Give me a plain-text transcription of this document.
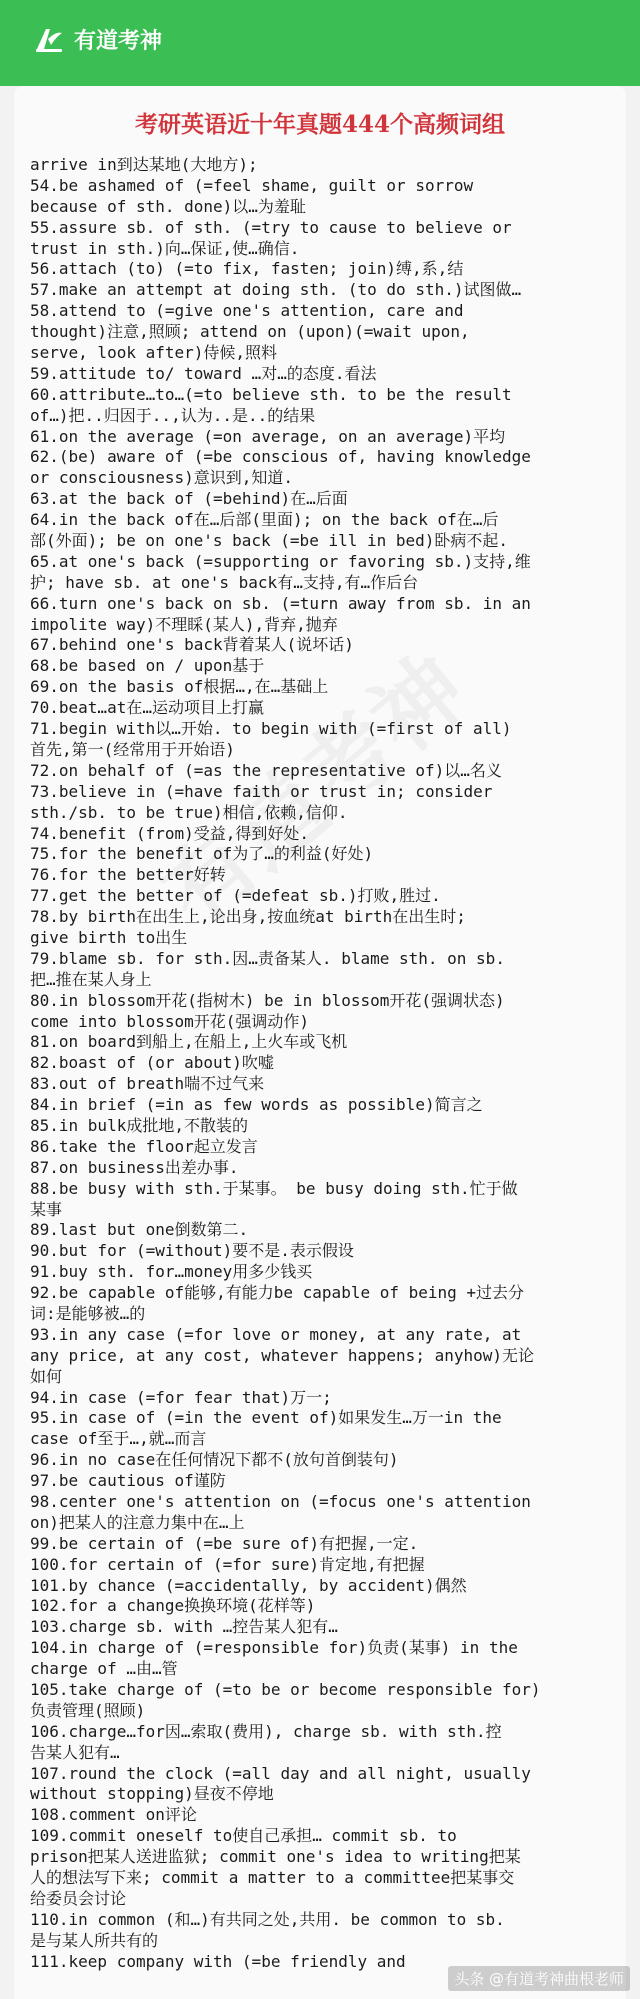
有道考神
考研英语近十年真题444个高频词组
arrive in到达某地(大地方);
54.be ashamed of (=feel shame, guilt or sorrow
because of sth. done)以…为羞耻
55.assure sb. of sth. (=try to cause to believe or
trust in sth.)向…保证,使…确信.
56.attach (to) (=to fix, fasten; join)缚,系,结
57.make an attempt at doing sth. (to do sth.)试图做…
58.attend to (=give one's attention, care and
thought)注意,照顾; attend on (upon)(=wait upon,
serve, look after)侍候,照料
59.attitude to/ toward …对…的态度.看法
60.attribute…to…(=to believe sth. to be the result
of…)把..归因于..,认为..是..的结果
61.on the average (=on average, on an average)平均
62.(be) aware of (=be conscious of, having knowledge
or consciousness)意识到,知道.
63.at the back of (=behind)在…后面
64.in the back of在…后部(里面); on the back of在…后
部(外面); be on one's back (=be ill in bed)卧病不起.
65.at one's back (=supporting or favoring sb.)支持,维
护; have sb. at one's back有…支持,有…作后台
66.turn one's back on sb. (=turn away from sb. in an
impolite way)不理睬(某人),背弃,抛弃
67.behind one's back背着某人(说坏话)
68.be based on / upon基于
69.on the basis of根据…,在…基础上
70.beat…at在…运动项目上打赢
71.begin with以…开始. to begin with (=first of all)
首先,第一(经常用于开始语)
72.on behalf of (=as the representative of)以…名义
73.believe in (=have faith or trust in; consider
sth./sb. to be true)相信,依赖,信仰.
74.benefit (from)受益,得到好处.
75.for the benefit of为了…的利益(好处)
76.for the better好转
77.get the better of (=defeat sb.)打败,胜过.
78.by birth在出生上,论出身,按血统at birth在出生时;
give birth to出生
79.blame sb. for sth.因…责备某人. blame sth. on sb.
把…推在某人身上
80.in blossom开花(指树木) be in blossom开花(强调状态)
come into blossom开花(强调动作)
81.on board到船上,在船上,上火车或飞机
82.boast of (or about)吹嘘
83.out of breath喘不过气来
84.in brief (=in as few words as possible)简言之
85.in bulk成批地,不散装的
86.take the floor起立发言
87.on business出差办事.
88.be busy with sth.于某事。 be busy doing sth.忙于做
某事
89.last but one倒数第二.
90.but for (=without)要不是.表示假设
91.buy sth. for…money用多少钱买
92.be capable of能够,有能力be capable of being +过去分
词:是能够被…的
93.in any case (=for love or money, at any rate, at
any price, at any cost, whatever happens; anyhow)无论
如何
94.in case (=for fear that)万一;
95.in case of (=in the event of)如果发生…万一in the
case of至于…,就…而言
96.in no case在任何情况下都不(放句首倒装句)
97.be cautious of谨防
98.center one's attention on (=focus one's attention
on)把某人的注意力集中在…上
99.be certain of (=be sure of)有把握,一定.
100.for certain of (=for sure)肯定地,有把握
101.by chance (=accidentally, by accident)偶然
102.for a change换换环境(花样等)
103.charge sb. with …控告某人犯有…
104.in charge of (=responsible for)负责(某事) in the
charge of …由…管
105.take charge of (=to be or become responsible for)
负责管理(照顾)
106.charge…for因…索取(费用), charge sb. with sth.控
告某人犯有…
107.round the clock (=all day and all night, usually
without stopping)昼夜不停地
108.comment on评论
109.commit oneself to使自己承担… commit sb. to
prison把某人送进监狱; commit one's idea to writing把某
人的想法写下来; commit a matter to a committee把某事交
给委员会讨论
110.in common (和…)有共同之处,共用. be common to sb.
是与某人所共有的
111.keep company with (=be friendly and
头条 @有道考神曲根老师
